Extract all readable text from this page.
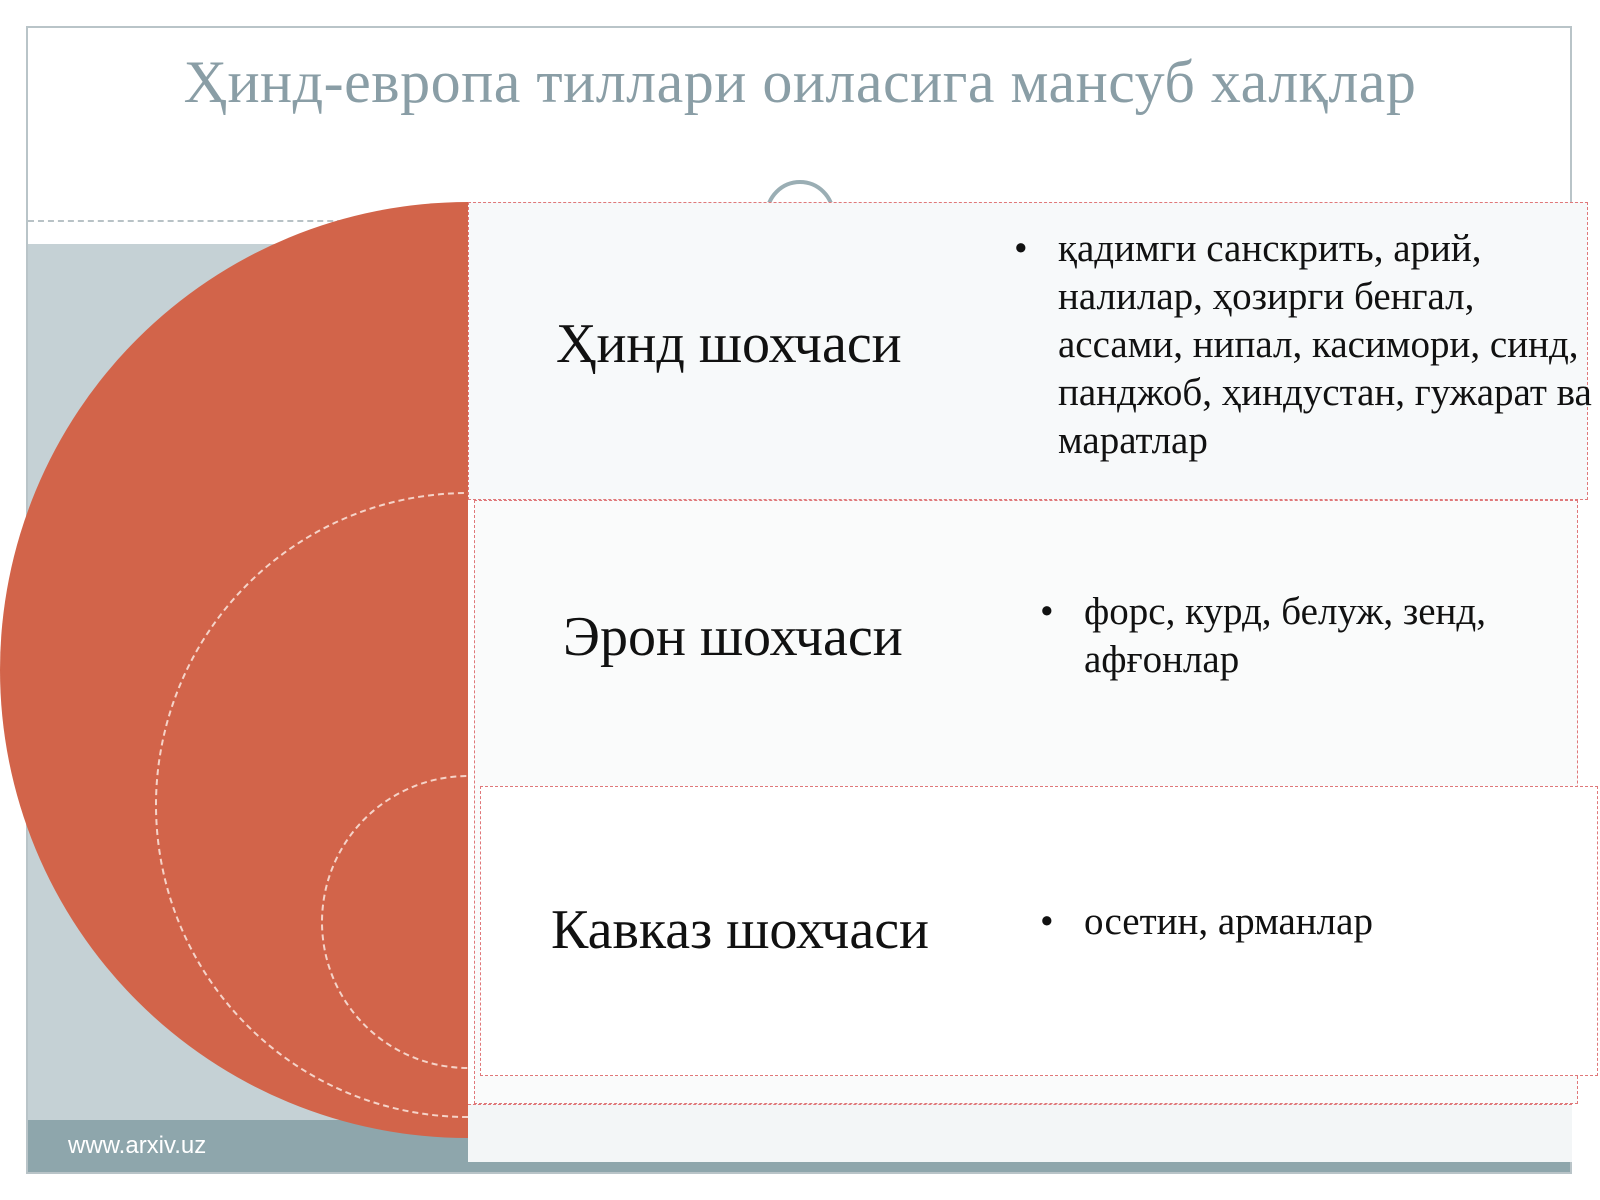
Ҳинд-европа тиллари оиласига мансуб халқлар
www.arxiv.uz
Ҳинд шохчаси
• қадимги санскрить, арий, налилар, ҳозирги бенгал, ассами, нипал, касимори, синд, панджоб, ҳиндустан, гужарат ва маратлар
Эрон шохчаси	• форс, курд, белуж, зенд, афғонлар
Кавказ шохчаси	• осетин, арманлар
